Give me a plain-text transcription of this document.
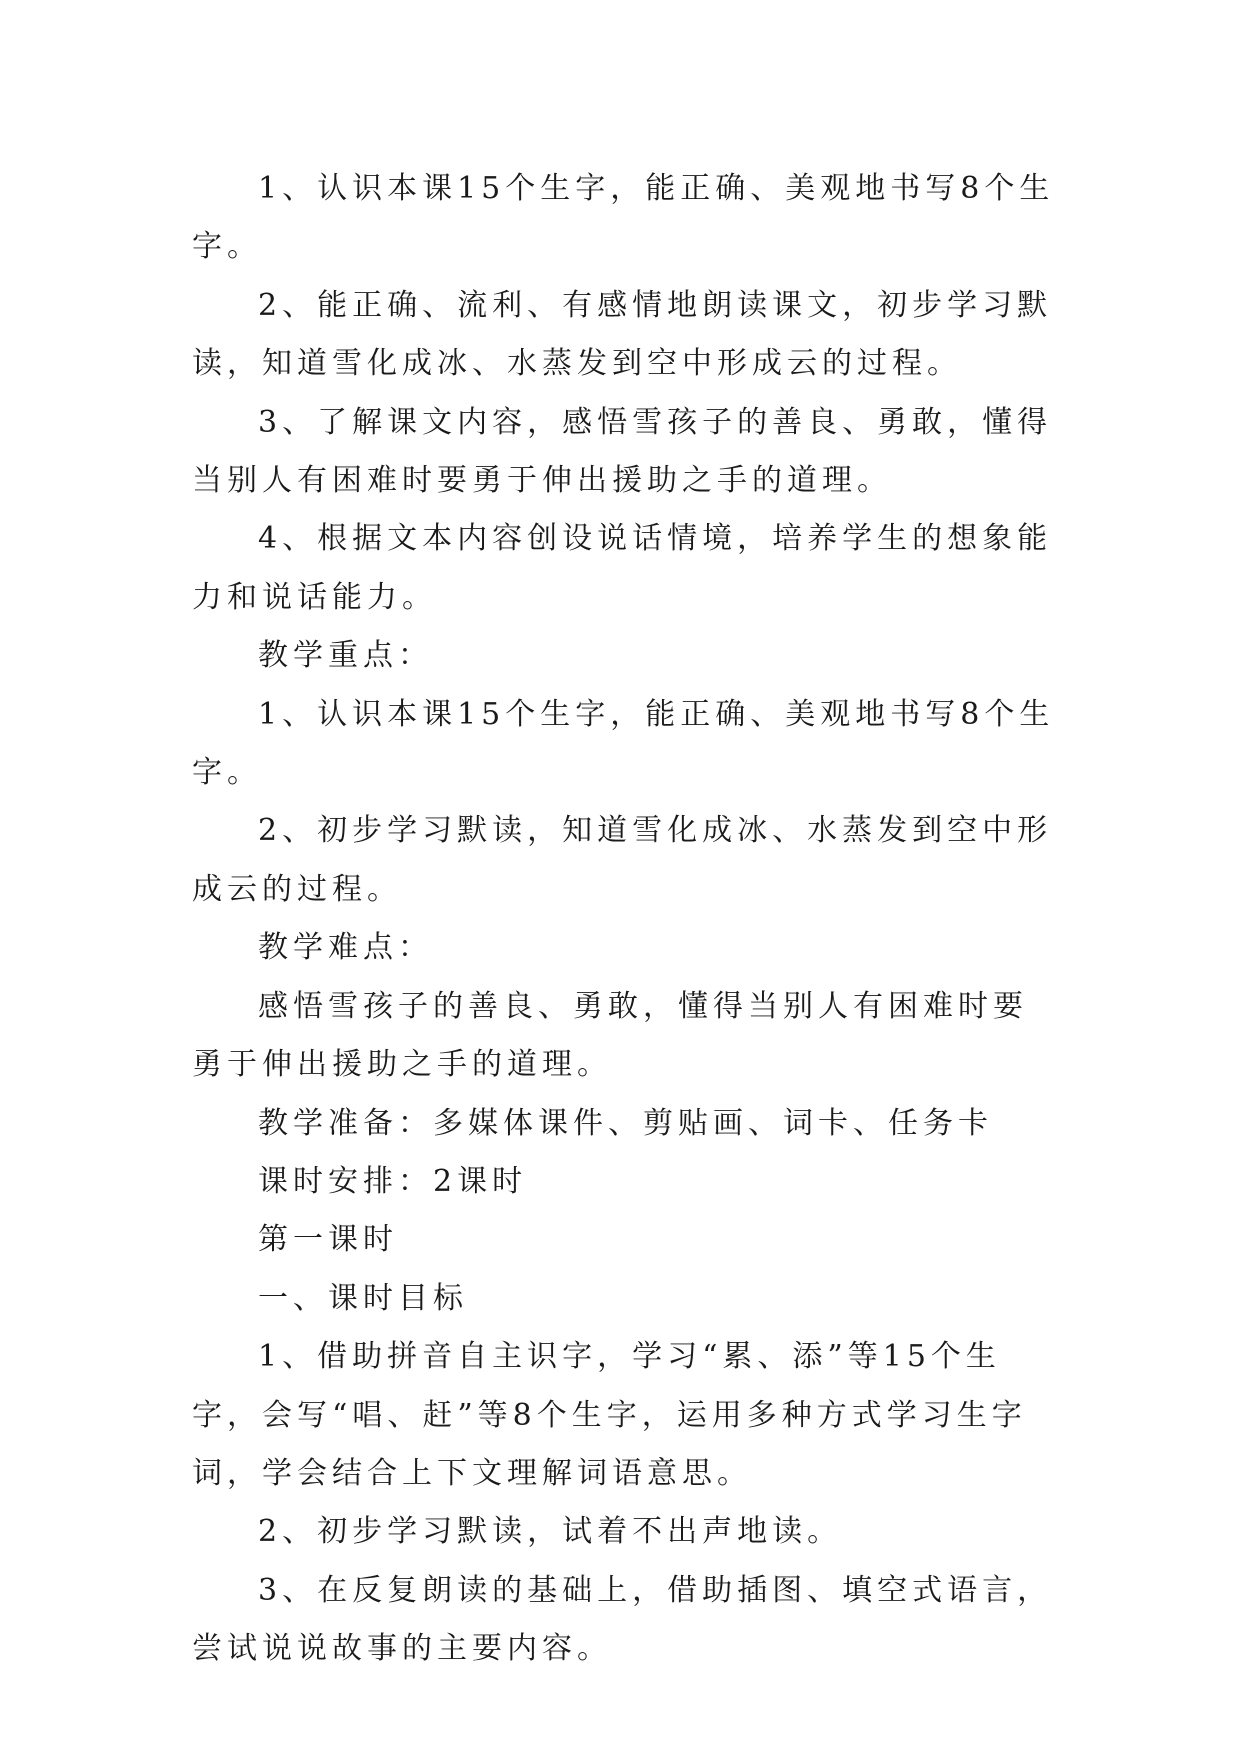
1、认识本课15个生字，能正确、美观地书写8个生字。

2、能正确、流利、有感情地朗读课文，初步学习默读，知道雪化成冰、水蒸发到空中形成云的过程。

3、了解课文内容，感悟雪孩子的善良、勇敢，懂得当别人有困难时要勇于伸出援助之手的道理。

4、根据文本内容创设说话情境，培养学生的想象能力和说话能力。

教学重点：

1、认识本课15个生字，能正确、美观地书写8个生字。

2、初步学习默读，知道雪化成冰、水蒸发到空中形成云的过程。

教学难点：

感悟雪孩子的善良、勇敢，懂得当别人有困难时要勇于伸出援助之手的道理。

教学准备：多媒体课件、剪贴画、词卡、任务卡

课时安排：2课时

第一课时

一、课时目标

1、借助拼音自主识字，学习“累、添”等15个生字，会写“唱、赶”等8个生字，运用多种方式学习生字词，学会结合上下文理解词语意思。

2、初步学习默读，试着不出声地读。

3、在反复朗读的基础上，借助插图、填空式语言，尝试说说故事的主要内容。
